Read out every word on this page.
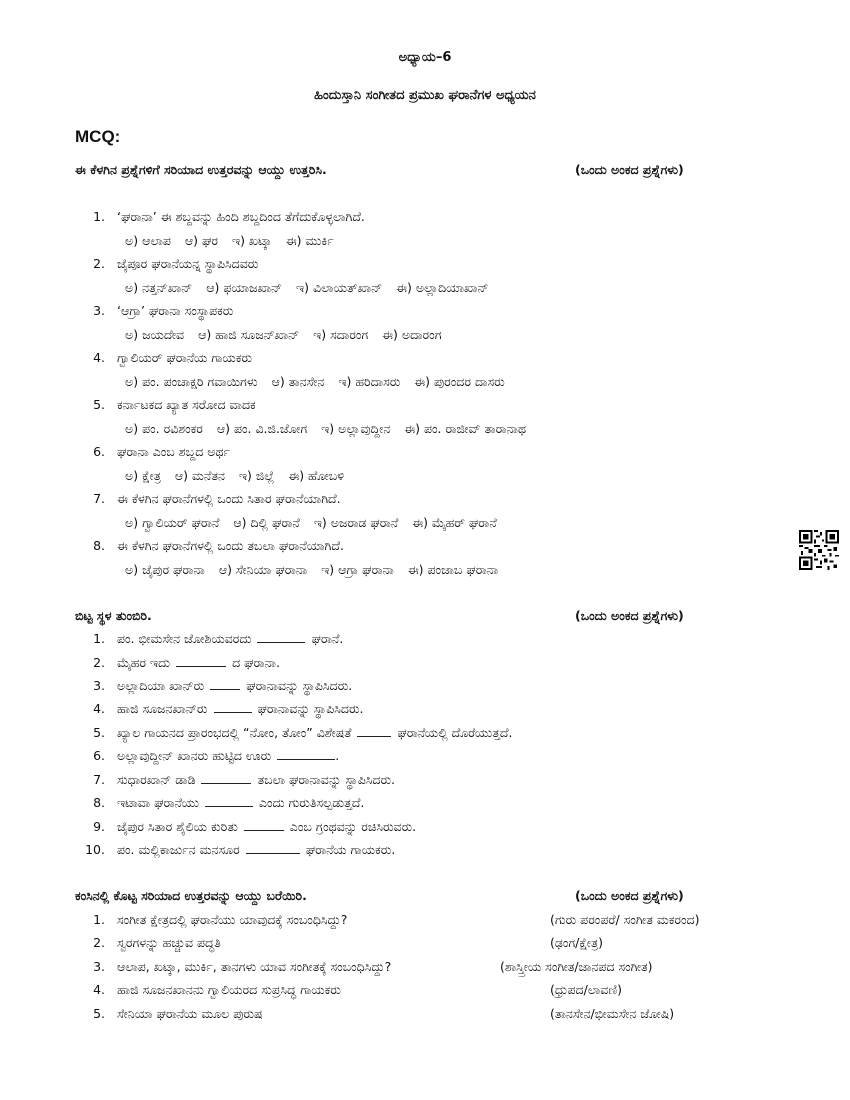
ಅಧ್ಯಾಯ–6
ಹಿಂದುಸ್ತಾನಿ ಸಂಗೀತದ ಪ್ರಮುಖ ಘರಾನೆಗಳ ಅಧ್ಯಯನ
MCQ:
ಈ ಕೆಳಗಿನ ಪ್ರಶ್ನೆಗಳಿಗೆ ಸರಿಯಾದ ಉತ್ತರವನ್ನು ಆಯ್ದು ಉತ್ತರಿಸಿ.	(ಒಂದು ಅಂಕದ ಪ್ರಶ್ನೆಗಳು)
1. ‘ಘರಾನಾ’ ಈ ಶಬ್ದವನ್ನು ಹಿಂದಿ ಶಬ್ದದಿಂದ ತೆಗೆದುಕೊಳ್ಳಲಾಗಿದೆ.
ಅ) ಆಲಾಪ ಆ) ಘರ ಇ) ಖಟ್ಕಾ ಈ) ಮುರ್ಕಿ
2. ಜೈಪೂರ ಘರಾನೆಯನ್ನ ಸ್ಥಾಪಿಸಿದವರು
ಅ) ನತ್ತನ್‌ಖಾನ್ ಆ) ಫಯಾಜಖಾನ್ ಇ) ವಿಲಾಯತ್‌ಖಾನ್ ಈ) ಅಲ್ಲಾದಿಯಾಖಾನ್
3. ‘ಆಗ್ರಾ’ ಘರಾನಾ ಸಂಸ್ಥಾಪಕರು
ಅ) ಜಯದೇವ ಆ) ಹಾಜಿ ಸೂಜನ್‌ಖಾನ್ ಇ) ಸದಾರಂಗ ಈ) ಅದಾರಂಗ
4. ಗ್ವಾಲಿಯರ್ ಘರಾನೆಯ ಗಾಯಕರು
ಅ) ಪಂ. ಪಂಚಾಕ್ಷರಿ ಗವಾಯಿಗಳು ಆ) ತಾನಸೇನ ಇ) ಹರಿದಾಸರು ಈ) ಪುರಂದರ ದಾಸರು
5. ಕರ್ನಾಟಕದ ಖ್ಯಾತ ಸರೋದ ವಾದಕ
ಅ) ಪಂ. ರವಿಶಂಕರ ಆ) ಪಂ. ವಿ.ಜಿ.ಜೋಗ ಇ) ಅಲ್ಲಾವುದ್ದೀನ ಈ) ಪಂ. ರಾಜೀವ್ ತಾರಾನಾಥ
6. ಘರಾನಾ ಎಂಬ ಶಬ್ದದ ಅರ್ಥ
ಅ) ಕ್ಷೇತ್ರ ಆ) ಮನೆತನ ಇ) ಜಿಲ್ಲೆ ಈ) ಹೋಬಳಿ
7. ಈ ಕೆಳಗಿನ ಘರಾನೆಗಳಲ್ಲಿ ಒಂದು ಸಿತಾರ ಘರಾನೆಯಾಗಿದೆ.
ಅ) ಗ್ವಾಲಿಯರ್ ಘರಾನೆ ಆ) ದಿಲ್ಲಿ ಘರಾನೆ ಇ) ಅಜರಾಡ ಘರಾನೆ ಈ) ಮೈಹರ್ ಘರಾನೆ
8. ಈ ಕೆಳಗಿನ ಘರಾನೆಗಳಲ್ಲಿ ಒಂದು ತಬಲಾ ಘರಾನೆಯಾಗಿದೆ.
ಅ) ಜೈಪುರ ಘರಾನಾ ಆ) ಸೇನಿಯಾ ಘರಾನಾ ಇ) ಆಗ್ರಾ ಘರಾನಾ ಈ) ಪಂಜಾಬ ಘರಾನಾ
ಬಿಟ್ಟ ಸ್ಥಳ ತುಂಬಿರಿ.	(ಒಂದು ಅಂಕದ ಪ್ರಶ್ನೆಗಳು)
1. ಪಂ. ಭೀಮಸೇನ ಜೋಶಿಯವರದು	ಘರಾನೆ.
2. ಮೈಹರ ಇದು	ದ ಘರಾನಾ.
3. ಅಲ್ಲಾದಿಯಾ ಖಾನ್‌ರು	ಘರಾನಾವನ್ನು ಸ್ಥಾಪಿಸಿದರು.
4. ಹಾಜಿ ಸೂಜನಖಾನ್‌ರು	ಘರಾನಾವನ್ನು ಸ್ಥಾಪಿಸಿದರು.
5. ಖ್ಯಾಲ ಗಾಯನದ ಪ್ರಾರಂಭದಲ್ಲಿ “ನೋಂ, ತೋಂ” ವಿಶೇಷತೆ	ಘರಾನೆಯಲ್ಲಿ ದೊರೆಯುತ್ತದೆ.
6. ಅಲ್ಲಾವುದ್ದೀನ್ ಖಾನರು ಹುಟ್ಟಿದ ಊರು	.
7. ಸುಧಾರಖಾನ್ ಡಾಡಿ	ತಬಲಾ ಘರಾನಾವನ್ನು ಸ್ಥಾಪಿಸಿದರು.
8. ಇಟಾವಾ ಘರಾನೆಯು	ಎಂದು ಗುರುತಿಸಲ್ಪಡುತ್ತದೆ.
9. ಜೈಪುರ ಸಿತಾರ ಶೈಲಿಯ ಕುರಿತು	ಎಂಬ ಗ್ರಂಥವನ್ನು ರಚಿಸಿರುವರು.
10. ಪಂ. ಮಲ್ಲಿಕಾರ್ಜುನ ಮನಸೂರ	ಘರಾನೆಯ ಗಾಯಕರು.
ಕಂಸಿನಲ್ಲಿ ಕೊಟ್ಟ ಸರಿಯಾದ ಉತ್ತರವನ್ನು ಆಯ್ದು ಬರೆಯಿರಿ.	(ಒಂದು ಅಂಕದ ಪ್ರಶ್ನೆಗಳು)
1. ಸಂಗೀತ ಕ್ಷೇತ್ರದಲ್ಲಿ ಘರಾನೆಯು ಯಾವುದಕ್ಕೆ ಸಂಬಂಧಿಸಿದ್ದು?	(ಗುರು ಪರಂಪರೆ/ ಸಂಗೀತ ಮಕರಂದ)
2. ಸ್ವರಗಳನ್ನು ಹಚ್ಚುವ ಪದ್ಧತಿ	(ಢಂಗ/ಕ್ಷೇತ್ರ)
3. ಆಲಾಪ, ಖಟ್ಕಾ, ಮುರ್ಕಿ, ತಾನಗಳು ಯಾವ ಸಂಗೀತಕ್ಕೆ ಸಂಬಂಧಿಸಿದ್ದು?	(ಶಾಸ್ತ್ರೀಯ ಸಂಗೀತ/ಜಾನಪದ ಸಂಗೀತ)
4. ಹಾಜಿ ಸೂಜನಖಾನನು ಗ್ವಾಲಿಯರದ ಸುಪ್ರಸಿದ್ಧ ಗಾಯಕರು	(ಧ್ರುಪದ/ಲಾವಣಿ)
5. ಸೇನಿಯಾ ಘರಾನೆಯ ಮೂಲ ಪುರುಷ	(ತಾನಸೇನ/ಭೀಮಸೇನ ಜೋಷಿ)
